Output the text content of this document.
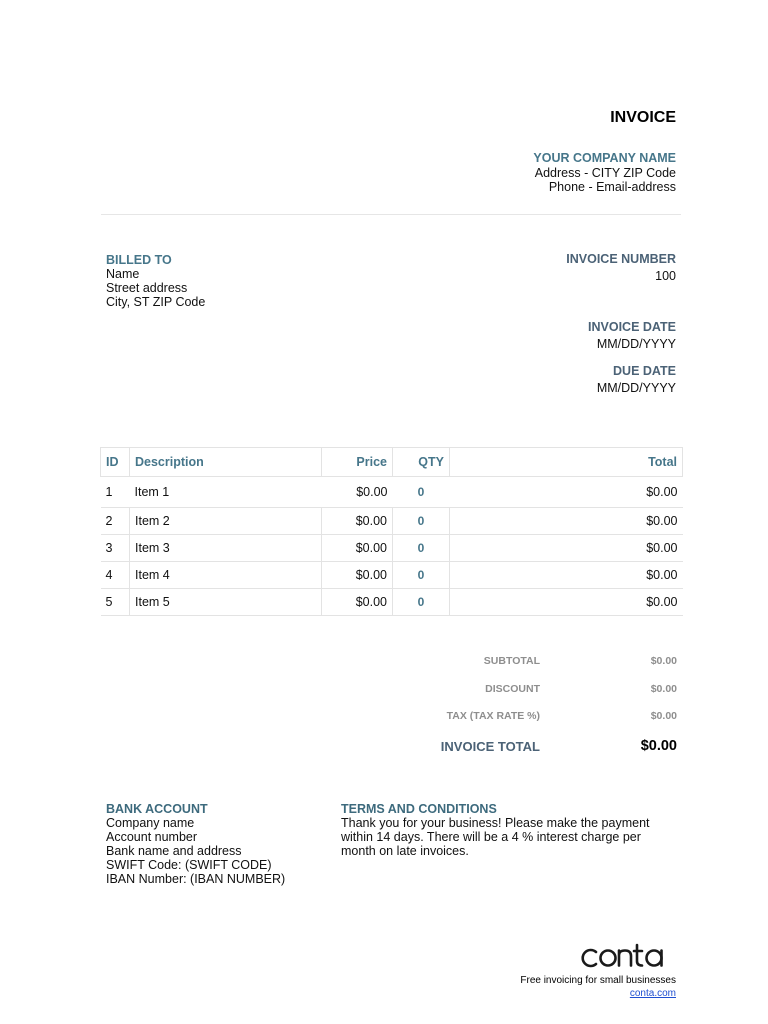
INVOICE
YOUR COMPANY NAME
Address - CITY ZIP Code
Phone - Email-address
BILLED TO
Name
Street address
City, ST ZIP Code
INVOICE NUMBER
100
INVOICE DATE
MM/DD/YYYY
DUE DATE
MM/DD/YYYY
ID	Description	Price	QTY	Total
1	Item 1	$0.00	0	$0.00
2	Item 2	$0.00	0	$0.00
3	Item 3	$0.00	0	$0.00
4	Item 4	$0.00	0	$0.00
5	Item 5	$0.00	0	$0.00
SUBTOTAL	$0.00
DISCOUNT	$0.00
TAX (TAX RATE %)	$0.00
INVOICE TOTAL	$0.00
BANK ACCOUNT
Company name
Account number
Bank name and address
SWIFT Code: (SWIFT CODE)
IBAN Number: (IBAN NUMBER)
TERMS AND CONDITIONS
Thank you for your business! Please make the payment within 14 days. There will be a 4 % interest charge per month on late invoices.
Free invoicing for small businesses
conta.com
